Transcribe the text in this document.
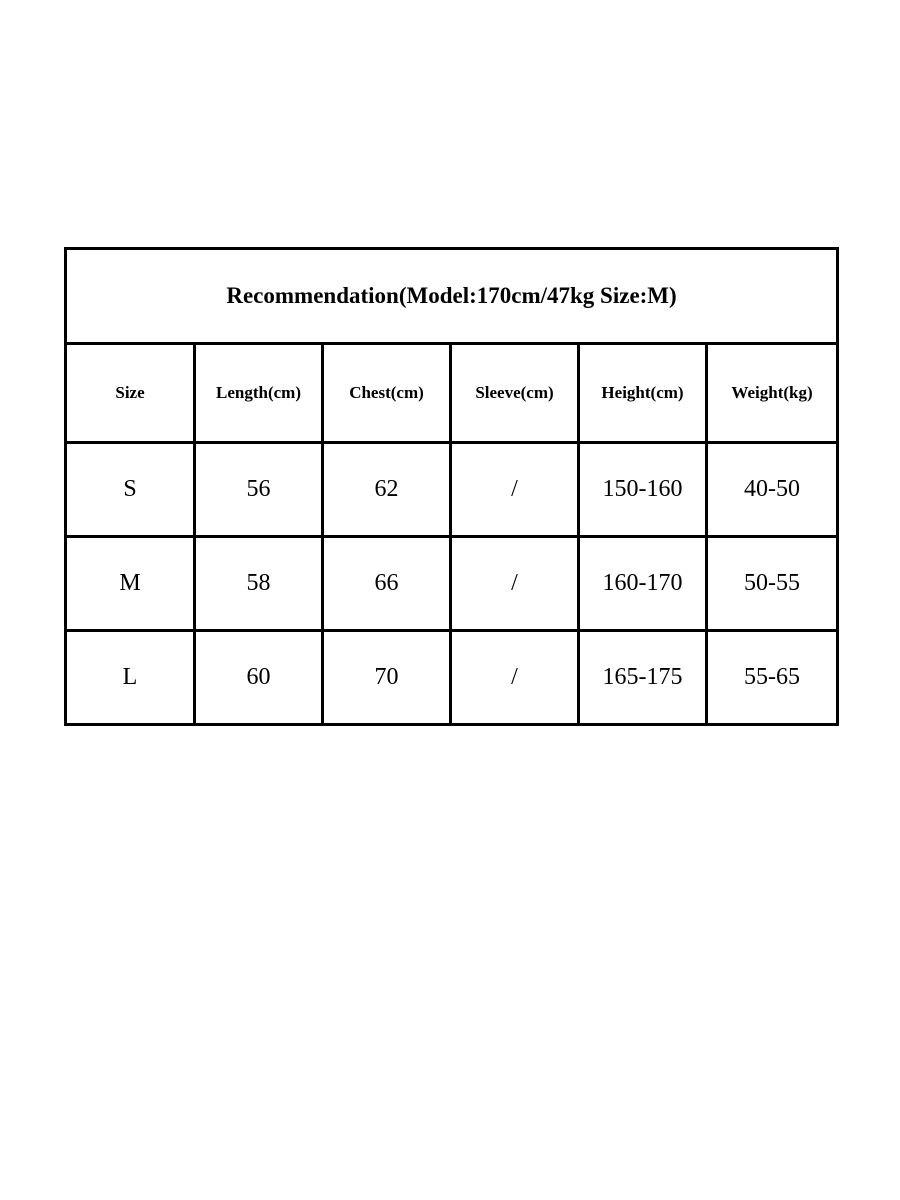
Recommendation(Model:170cm/47kg Size:M)					
Size	Length(cm)	Chest(cm)	Sleeve(cm)	Height(cm)	Weight(kg)
S	56	62	/	150-160	40-50
M	58	66	/	160-170	50-55
L	60	70	/	165-175	55-65
